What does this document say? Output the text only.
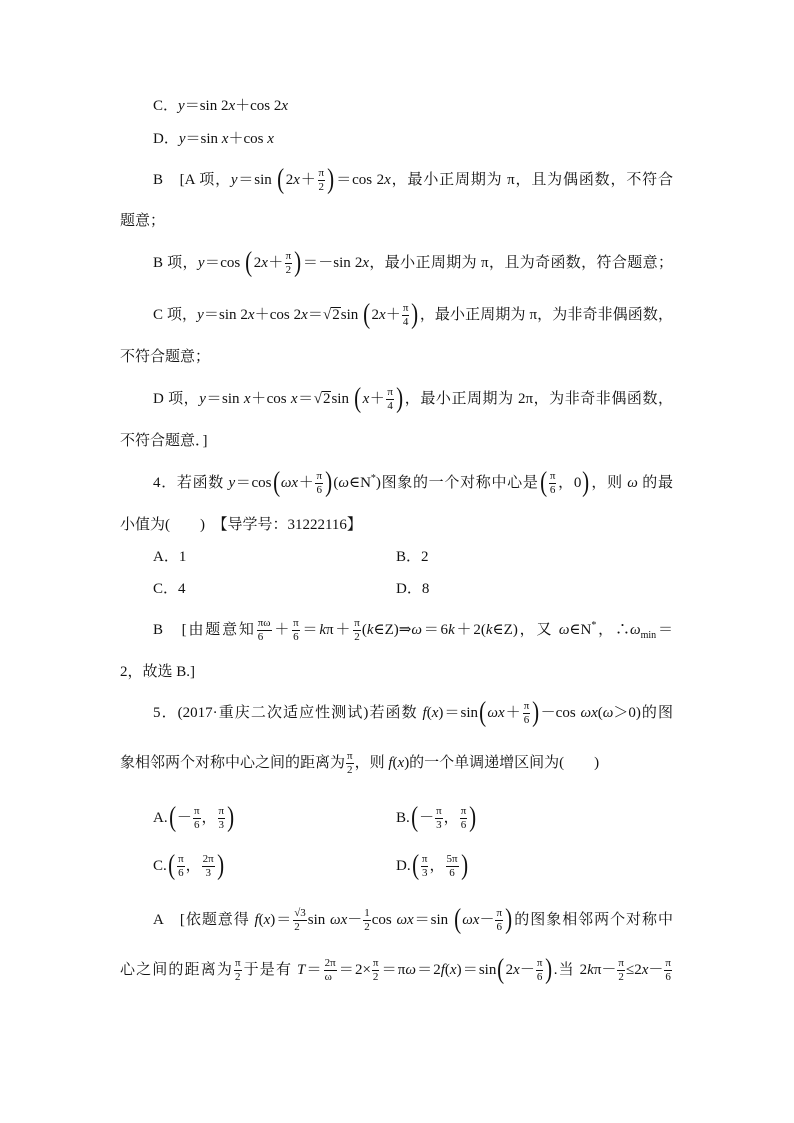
C．y＝sin 2x＋cos 2x
D．y＝sin x＋cos x
B　[A 项，y＝sin $(2x+ \frac{\pi}{2} )=\cos$ 2x，最小正周期为 π，且为偶函数，不符合
题意；
B 项，y＝cos $(2x+ \frac{\pi}{2} )=-\sin$ 2x，最小正周期为 π，且为奇函数，符合题意；
C 项，y＝sin 2x＋cos 2x＝√2sin ($2x+ \frac{\pi}{4}$ )，最小正周期为 π，为非奇非偶函数，
不符合题意；
D 项，y＝sin x＋cos x＝√2sin ($x+ \frac{\pi}{4}$ )，最小正周期为 2π，为非奇非偶函数，
不符合题意．]
4．若函数 $y=\cos(\omega x+ \frac{\pi}{6}$ )(ω∈N*)图象的一个对称中心是( $\frac{\pi}{6}$ ，0)，则 ω 的最
小值为(　　)　【导学号：31222116】
A．1	B．2
C．4	D．8
B　[由题意知 $\frac{\pi\omega}{6} + \frac{\pi}{6} =k\pi+ \frac{\pi}{2}$ (k∈Z)⇒ω＝6k＋2(k∈Z)，又 ω∈N*，$\therefore\omega_{min}=$
2，故选 B.]
5．(2017·重庆二次适应性测试)若函数 $f(x)=\sin(\omega x+ \frac{\pi}{6} )-\cos$ ωx(ω＞0)的图
象相邻两个对称中心之间的距离为 $\frac{\pi}{2}$ ，则 f(x)的一个单调递增区间为(　　)
$A.(- \frac{\pi}{6}$ ， $\frac{\pi}{3}$ )	$B.(- \frac{\pi}{3}$ ， $\frac{\pi}{6}$ )
$C.( \frac{\pi}{6}$ ， $\frac{2\pi}{3}$ )	$D.( \frac{\pi}{3}$ ， $\frac{5\pi}{6}$ )
A　[依题意得 $f(x)= \frac{√3}{2}$ $\sin \omega x- \frac{1}{2}$ cos ωx＝sin ($\omega x- \frac{\pi}{6}$ )的图象相邻两个对称中
心之间的距离为 $\frac{\pi}{2}$ 于是有 $T= \frac{2\pi}{\omega} =2\times \frac{\pi}{2} =\pi\omega=2f(x)=\sin(2x- \frac{\pi}{6}$ ).当 $2k\pi- \frac{\pi}{2} \le 2x- \frac{\pi}{6}$
